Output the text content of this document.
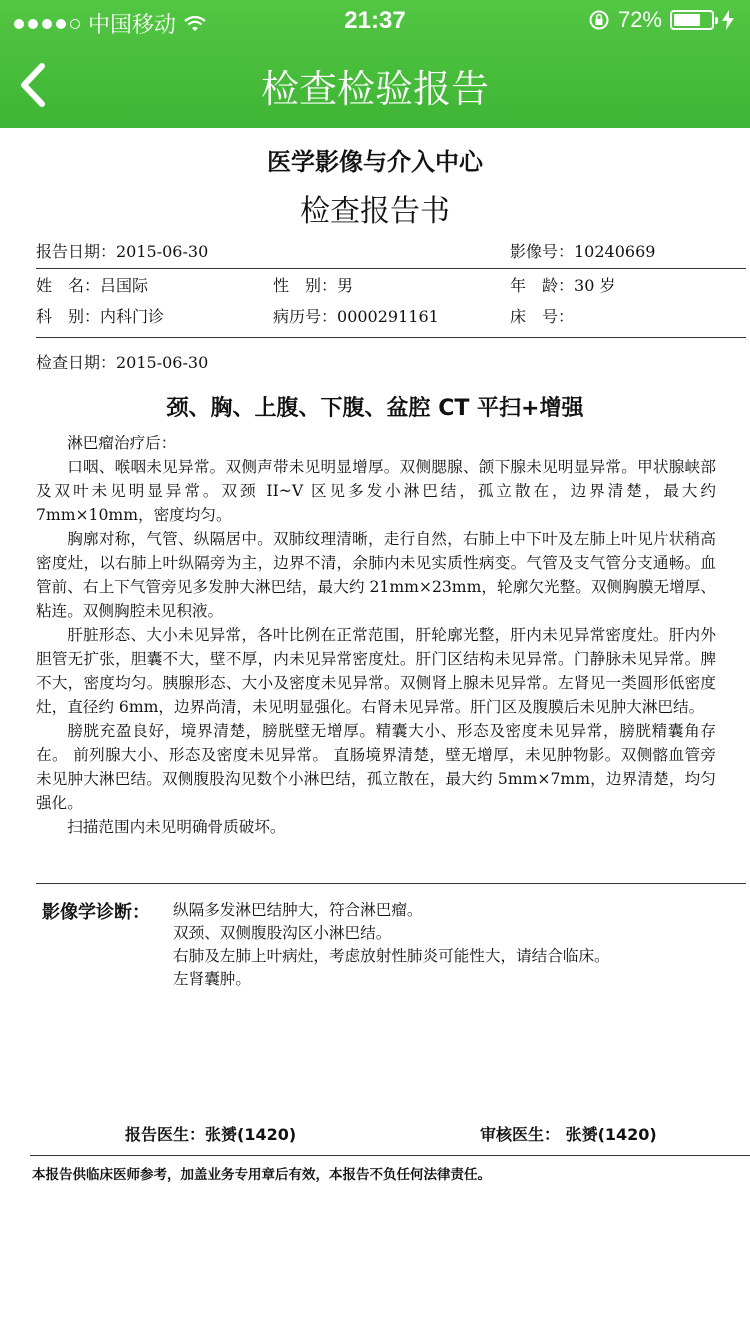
中国移动	21:37	72%
检查检验报告
医学影像与介入中心
检查报告书
报告日期：2015-06-30	影像号：10240669
姓　名：吕国际	性　别：男	年　龄：30 岁
科　别：内科门诊	病历号：0000291161	床　号：
检查日期：2015-06-30
颈、胸、上腹、下腹、盆腔 CT 平扫+增强

淋巴瘤治疗后：

口咽、喉咽未见异常。双侧声带未见明显增厚。双侧腮腺、颌下腺未见明显异常。甲状腺峡部及双叶未见明显异常。双颈 II~V 区见多发小淋巴结，孤立散在，边界清楚，最大约 7mm×10mm，密度均匀。

胸廓对称，气管、纵隔居中。双肺纹理清晰，走行自然，右肺上中下叶及左肺上叶见片状稍高密度灶，以右肺上叶纵隔旁为主，边界不清，余肺内未见实质性病变。气管及支气管分支通畅。血管前、右上下气管旁见多发肿大淋巴结，最大约 21mm×23mm，轮廓欠光整。双侧胸膜无增厚、粘连。双侧胸腔未见积液。

肝脏形态、大小未见异常，各叶比例在正常范围，肝轮廓光整，肝内未见异常密度灶。肝内外胆管无扩张，胆囊不大，壁不厚，内未见异常密度灶。肝门区结构未见异常。门静脉未见异常。脾不大，密度均匀。胰腺形态、大小及密度未见异常。双侧肾上腺未见异常。左肾见一类圆形低密度灶，直径约 6mm，边界尚清，未见明显强化。右肾未见异常。肝门区及腹膜后未见肿大淋巴结。

膀胱充盈良好，境界清楚，膀胱壁无增厚。精囊大小、形态及密度未见异常，膀胱精囊角存在。 前列腺大小、形态及密度未见异常。 直肠境界清楚，壁无增厚，未见肿物影。双侧髂血管旁未见肿大淋巴结。双侧腹股沟见数个小淋巴结，孤立散在，最大约 5mm×7mm，边界清楚，均匀强化。

扫描范围内未见明确骨质破坏。

影像学诊断： 纵隔多发淋巴结肿大，符合淋巴瘤。
双颈、双侧腹股沟区小淋巴结。
右肺及左肺上叶病灶，考虑放射性肺炎可能性大，请结合临床。
左肾囊肿。
报告医生：张赟(1420)	审核医生： 张赟(1420)
本报告供临床医师参考，加盖业务专用章后有效，本报告不负任何法律责任。
